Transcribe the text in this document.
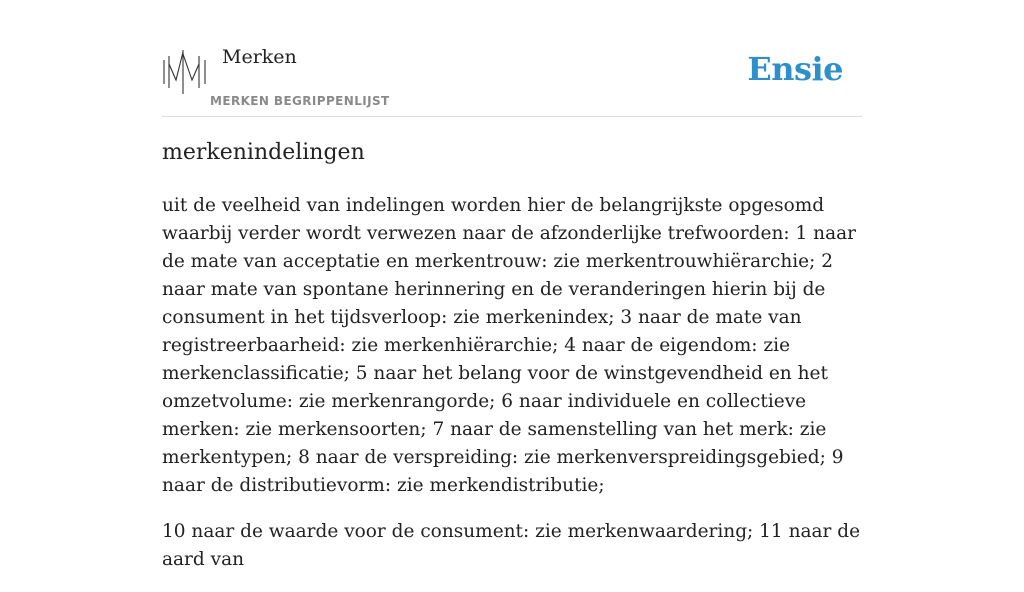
Merken
MERKEN BEGRIPPENLIJST
Ensie
merkenindelingen

uit de veelheid van indelingen worden hier de belangrijkste opgesomd waarbij verder wordt verwezen naar de afzonderlijke trefwoorden: 1 naar de mate van acceptatie en merkentrouw: zie merkentrouwhiërarchie; 2 naar mate van spontane herinnering en de veranderingen hierin bij de consument in het tijdsverloop: zie merkenindex; 3 naar de mate van registreerbaarheid: zie merkenhiërarchie; 4 naar de eigendom: zie merkenclassificatie; 5 naar het belang voor de winstgevendheid en het omzetvolume: zie merkenrangorde; 6 naar individuele en collectieve merken: zie merkensoorten; 7 naar de samenstelling van het merk: zie merkentypen; 8 naar de verspreiding: zie merkenverspreidingsgebied; 9 naar de distributievorm: zie merkendistributie;

10 naar de waarde voor de consument: zie merkenwaardering; 11 naar de aard van
